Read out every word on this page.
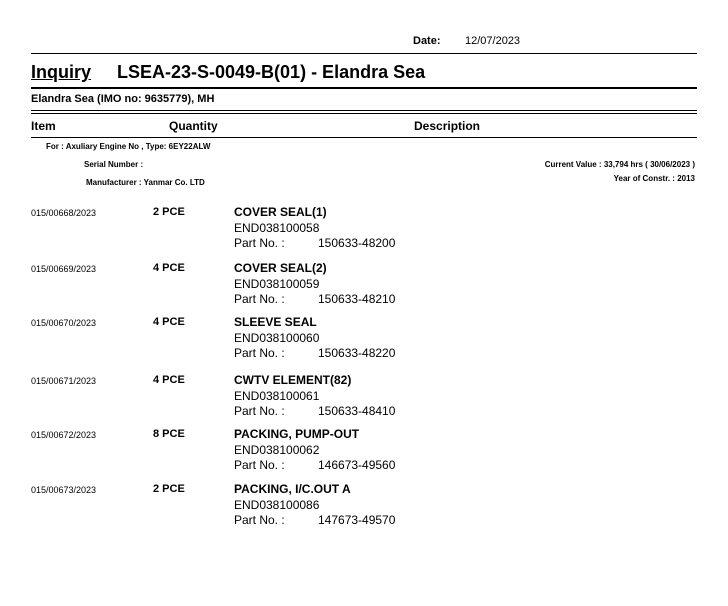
Date: 12/07/2023
Inquiry LSEA-23-S-0049-B(01) - Elandra Sea
Elandra Sea (IMO no: 9635779), MH
Item	Quantity	Description
For : Axuliary Engine No , Type: 6EY22ALW
Serial Number :
Manufacturer : Yanmar Co. LTD
Current Value : 33,794 hrs ( 30/06/2023 )
Year of Constr. : 2013
015/00668/2023	2 PCE	COVER SEAL(1)
END038100058
Part No. :	150633-48200
015/00669/2023	4 PCE	COVER SEAL(2)
END038100059
Part No. :	150633-48210
015/00670/2023	4 PCE	SLEEVE SEAL
END038100060
Part No. :	150633-48220
015/00671/2023	4 PCE	CWTV ELEMENT(82)
END038100061
Part No. :	150633-48410
015/00672/2023	8 PCE	PACKING, PUMP-OUT
END038100062
Part No. :	146673-49560
015/00673/2023	2 PCE	PACKING, I/C.OUT A
END038100086
Part No. :	147673-49570
